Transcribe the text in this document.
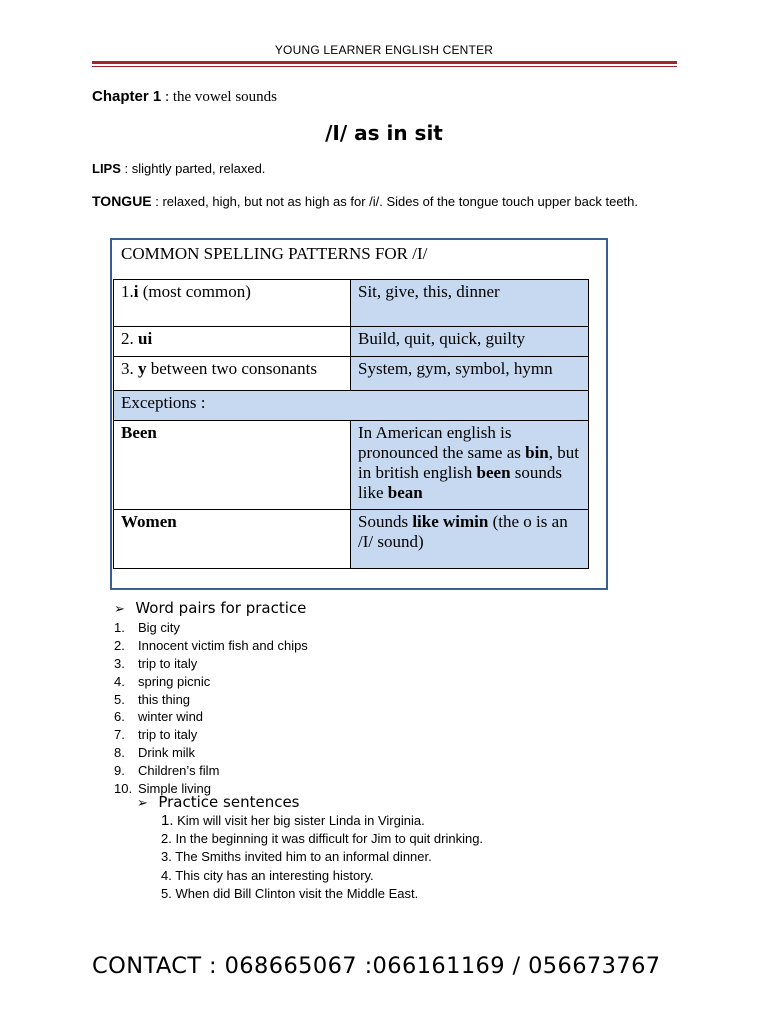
YOUNG LEARNER ENGLISH CENTER
Chapter 1 : the vowel sounds
/I/ as in sit
LIPS : slightly parted, relaxed.
TONGUE : relaxed, high, but not as high as for /i/. Sides of the tongue touch upper back teeth.
COMMON SPELLING PATTERNS FOR /I/
1.i (most common)	Sit, give, this, dinner
2. ui	Build, quit, quick, guilty
3. y between two consonants	System, gym, symbol, hymn
Exceptions :	
Been	In American english is pronounced the same as bin, but in british english been sounds like bean
Women	Sounds like wimin (the o is an /I/ sound)
➢ Word pairs for practice
1. Big city
2. Innocent victim fish and chips
3. trip to italy
4. spring picnic
5. this thing
6. winter wind
7. trip to italy
8. Drink milk
9. Children’s film
10. Simple living
➢ Practice sentences
1. Kim will visit her big sister Linda in Virginia.
2. In the beginning it was difficult for Jim to quit drinking.
3. The Smiths invited him to an informal dinner.
4. This city has an interesting history.
5. When did Bill Clinton visit the Middle East.
CONTACT : 068665067 :066161169 / 056673767
